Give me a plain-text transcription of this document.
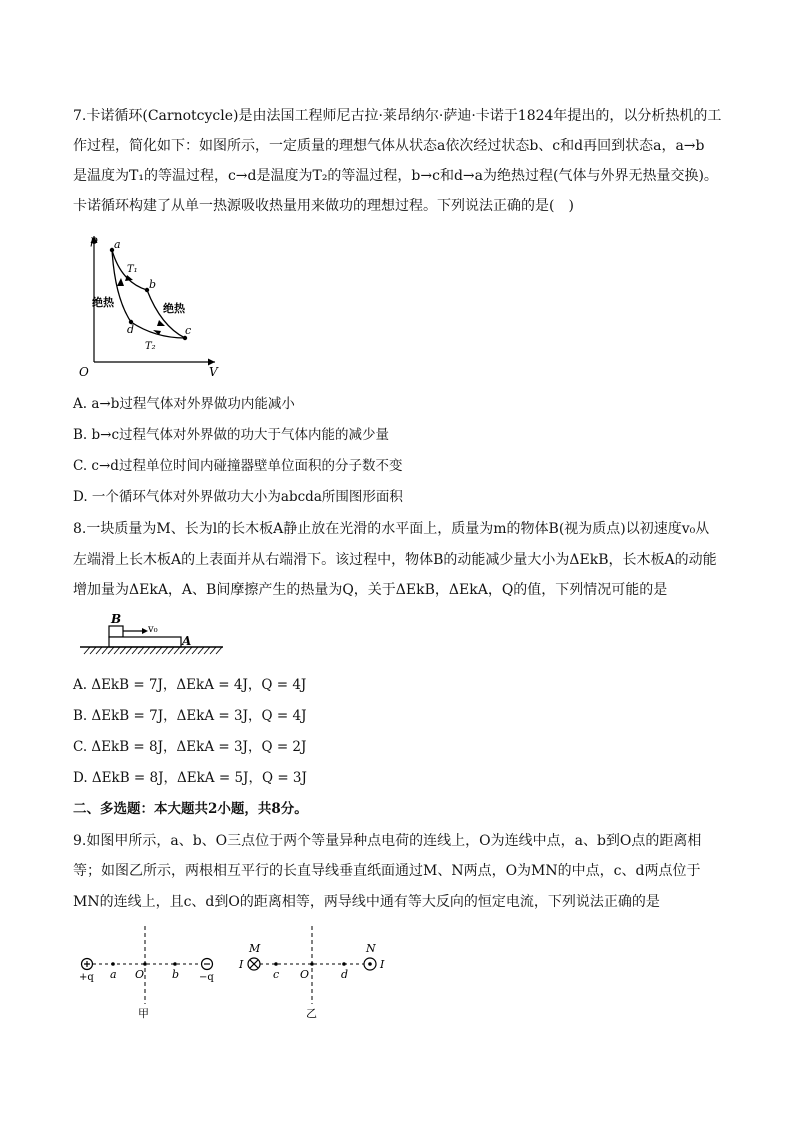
7.卡诺循环(Carnotcycle)是由法国工程师尼古拉·莱昂纳尔·萨迪·卡诺于1824年提出的，以分析热机的工
作过程，简化如下：如图所示，一定质量的理想气体从状态a依次经过状态b、c和d再回到状态a，a→b
是温度为T₁的等温过程，c→d是温度为T₂的等温过程，b→c和d→a为绝热过程(气体与外界无热量交换)。
卡诺循环构建了从单一热源吸收热量用来做功的理想过程。下列说法正确的是(　)
p
V
O
a
b
c
d
T₁
T₂
绝热	绝热
A. a→b过程气体对外界做功内能减小
B. b→c过程气体对外界做的功大于气体内能的减少量
C. c→d过程单位时间内碰撞器壁单位面积的分子数不变
D. 一个循环气体对外界做功大小为abcda所围图形面积
8.一块质量为M、长为l的长木板A静止放在光滑的水平面上，质量为m的物体B(视为质点)以初速度v₀从
左端滑上长木板A的上表面并从右端滑下。该过程中，物体B的动能减少量大小为ΔEkB，长木板A的动能
增加量为ΔEkA，A、B间摩擦产生的热量为Q，关于ΔEkB，ΔEkA，Q的值，下列情况可能的是
B
A
v₀
A. ΔEkB = 7J，ΔEkA = 4J，Q = 4J
B. ΔEkB = 7J，ΔEkA = 3J，Q = 4J
C. ΔEkB = 8J，ΔEkA = 3J，Q = 2J
D. ΔEkB = 8J，ΔEkA = 5J，Q = 3J
二、多选题：本大题共2小题，共8分。
9.如图甲所示，a、b、O三点位于两个等量异种点电荷的连线上，O为连线中点，a、b到O点的距离相
等；如图乙所示，两根相互平行的长直导线垂直纸面通过M、N两点，O为MN的中点，c、d两点位于
MN的连线上，且c、d到O的距离相等，两导线中通有等大反向的恒定电流，下列说法正确的是
+q	−q
a O	b
甲
M	N
I	I
c O	d
乙
